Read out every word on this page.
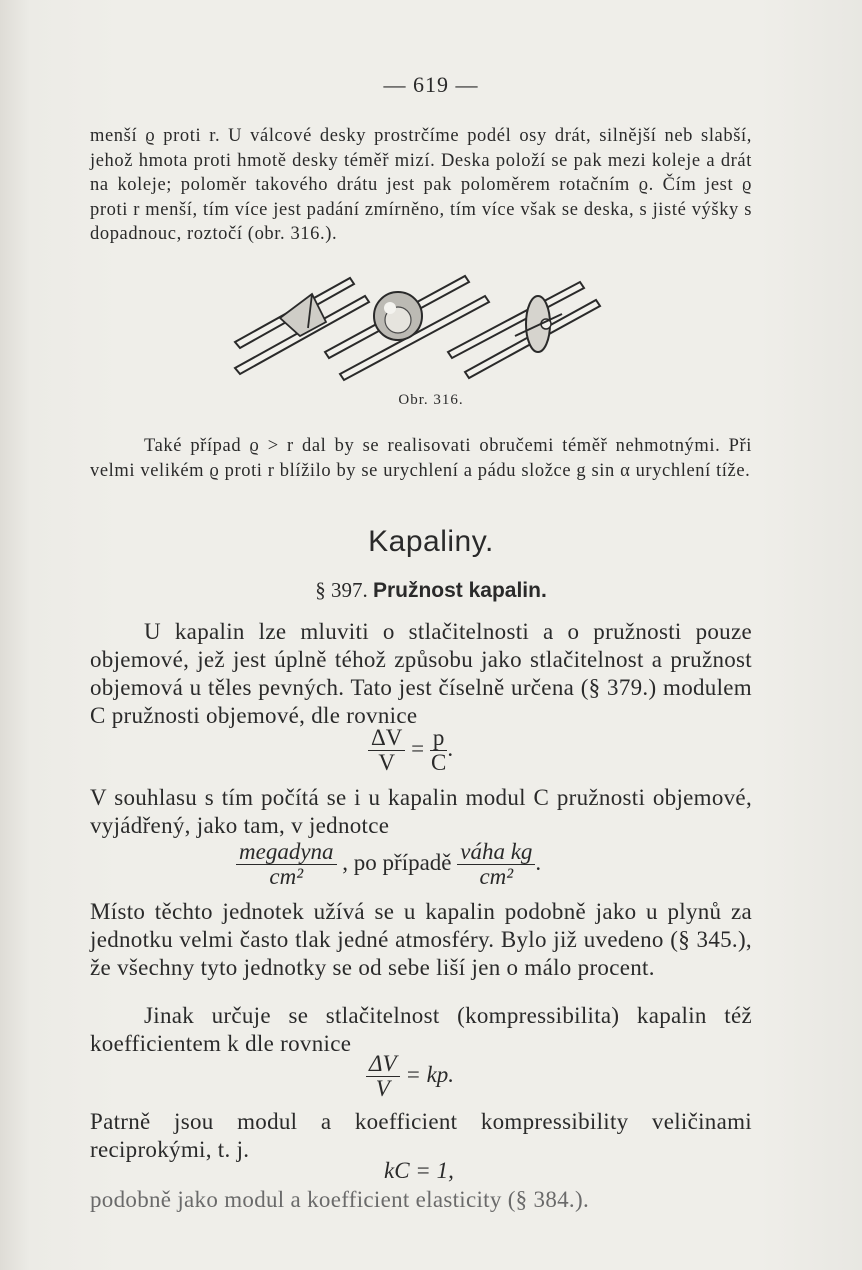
— 619 —

menší ϱ proti r. U válcové desky prostrčíme podél osy drát, silnější neb slabší, jehož hmota proti hmotě desky téměř mizí. Deska položí se pak mezi koleje a drát na koleje; poloměr takového drátu jest pak poloměrem rotačním ϱ. Čím jest ϱ proti r menší, tím více jest padání zmírněno, tím více však se deska, s jisté výšky s dopadnouc, roztočí (obr. 316.).

Obr. 316.

Také případ ϱ > r dal by se realisovati obručemi téměř nehmotnými. Při velmi velikém ϱ proti r blížilo by se urychlení a pádu složce g sin α urychlení tíže.

Kapaliny.
§ 397. Pružnost kapalin.

U kapalin lze mluviti o stlačitelnosti a o pružnosti pouze objemové, jež jest úplně téhož způsobu jako stlačitelnost a pružnost objemová u těles pevných. Tato jest číselně určena (§ 379.) modulem C pružnosti objemové, dle rovnice

$\frac{\Delta V}{V} = \frac{p}{C}$ .

V souhlasu s tím počítá se i u kapalin modul C pružnosti objemové, vyjádřený, jako tam, v jednotce

$\frac{\text{megadyna}}{\text{cm²}}$ , po případě $\frac{\text{váha kg}}{\text{cm²}}$ .

Místo těchto jednotek užívá se u kapalin podobně jako u plynů za jednotku velmi často tlak jedné atmosféry. Bylo již uvedeno (§ 345.), že všechny tyto jednotky se od sebe liší jen o málo procent.

Jinak určuje se stlačitelnost (kompressibilita) kapalin též koefficientem k dle rovnice

$\frac{\Delta V}{V}$ = kp.

Patrně jsou modul a koefficient kompressibility veličinami reciprokými, t. j.

kC = 1,

podobně jako modul a koefficient elasticity (§ 384.).
